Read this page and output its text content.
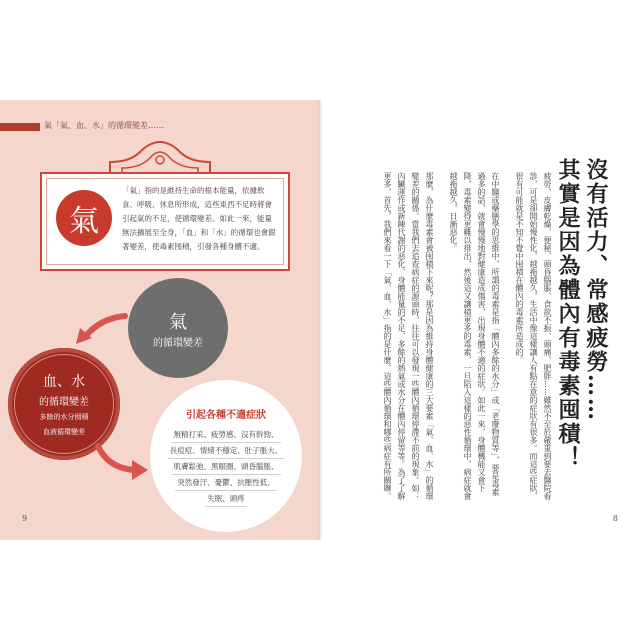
氣「氣、血、水」的循環變差……
氣
「氣」指的是維持生命的根本能量，依據飲食、呼吸、休息所形成，這些東西不足時將會引起氣的不足，使循環變差。如此一來，能量無法擴展至全身，「血」和「水」的循環也會跟著變差，使毒素囤積，引發各種身體不適。
氣
的循環變差
血、水
的循環變差
多餘的水分囤積
血液循環變差
引起各種不適症狀
無精打采、疲勞感、沒有幹勁、
長痘痘、情緒不穩定、肚子脹大、
肌膚鬆弛、黑眼圈、頭昏腦脹、
突然發汗、憂鬱、抗壓性低、
失眠、頭疼
9	8
沒有活力、常感疲勞……
其實是因為體內有毒素囤積！

疲勞、皮膚乾燥、便秘、頭昏腦脹、食欲不振、頭痛、肥胖……雖然不至於嚴重到要去醫院看診，可是卻開始慢性化，越拖越久，生活中像這樣讓人有點在意的症狀有很多。而這些症狀，很有可能就是不知不覺中囤積在體內的毒素所造成的。

在中醫或藥膳學的思維中，所謂的毒素是指「體內多餘的水分」或「老廢物質等」，要是毒素過多的話，就會慢慢地對健康造成傷害，出現身體不適的症狀。如此一來，身體機能又會下降，毒素變得更難以排出，然後這又讓積更多的毒素，一旦陷入這樣的惡性循環中，病症就會越拖越久，日漸惡化。

那麼，為什麼毒素會被囤積下來呢？那是因為維持身體健康的三大要素「氣、血、水」的循環變差的關係。當我們去追查病症的源頭時，往往可以發現一些體內循環停滯不前的現象。如：內臟運作或新陳代謝的惡化、身體能量的不足、多餘的熱氣或水分在體內停留等等。為了了解更多，首先，我們來看一下「氣、血、水」指的是什麼，這些體內循環和哪些病症有所關聯。
